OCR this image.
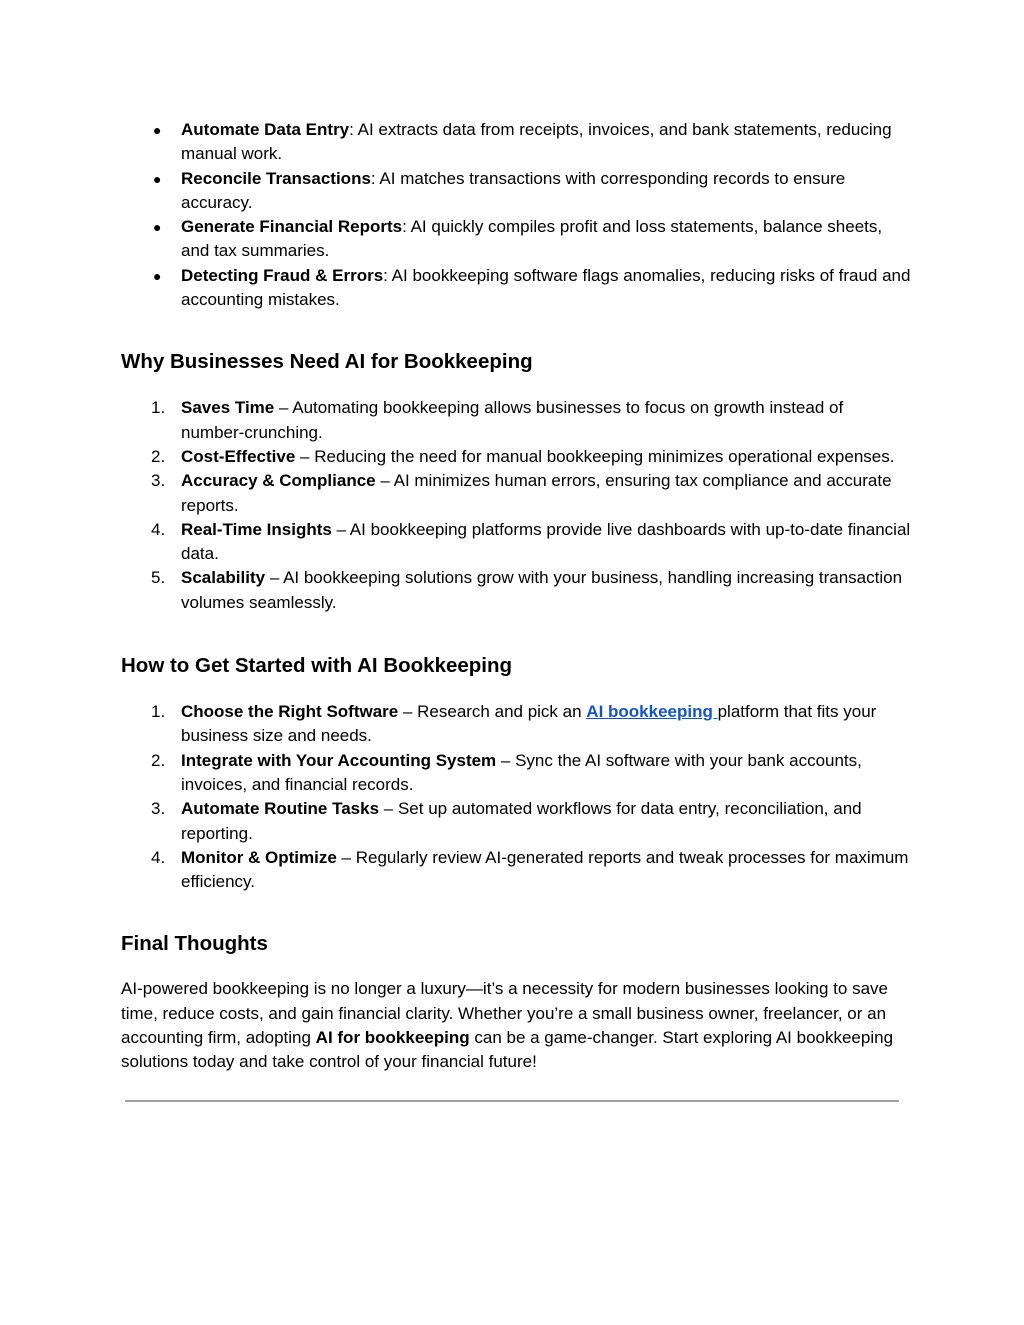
● Automate Data Entry: AI extracts data from receipts, invoices, and bank statements, reducing manual work.
● Reconcile Transactions: AI matches transactions with corresponding records to ensure accuracy.
● Generate Financial Reports: AI quickly compiles profit and loss statements, balance sheets, and tax summaries.
● Detecting Fraud & Errors: AI bookkeeping software flags anomalies, reducing risks of fraud and accounting mistakes.
Why Businesses Need AI for Bookkeeping
1. Saves Time – Automating bookkeeping allows businesses to focus on growth instead of number-crunching.
2. Cost-Effective – Reducing the need for manual bookkeeping minimizes operational expenses.
3. Accuracy & Compliance – AI minimizes human errors, ensuring tax compliance and accurate reports.
4. Real-Time Insights – AI bookkeeping platforms provide live dashboards with up-to-date financial data.
5. Scalability – AI bookkeeping solutions grow with your business, handling increasing transaction volumes seamlessly.
How to Get Started with AI Bookkeeping
1. Choose the Right Software – Research and pick an AI bookkeeping platform that fits your business size and needs.
2. Integrate with Your Accounting System – Sync the AI software with your bank accounts, invoices, and financial records.
3. Automate Routine Tasks – Set up automated workflows for data entry, reconciliation, and reporting.
4. Monitor & Optimize – Regularly review AI-generated reports and tweak processes for maximum efficiency.
Final Thoughts

AI-powered bookkeeping is no longer a luxury—it’s a necessity for modern businesses looking to save time, reduce costs, and gain financial clarity. Whether you’re a small business owner, freelancer, or an accounting firm, adopting AI for bookkeeping can be a game-changer. Start exploring AI bookkeeping solutions today and take control of your financial future!
